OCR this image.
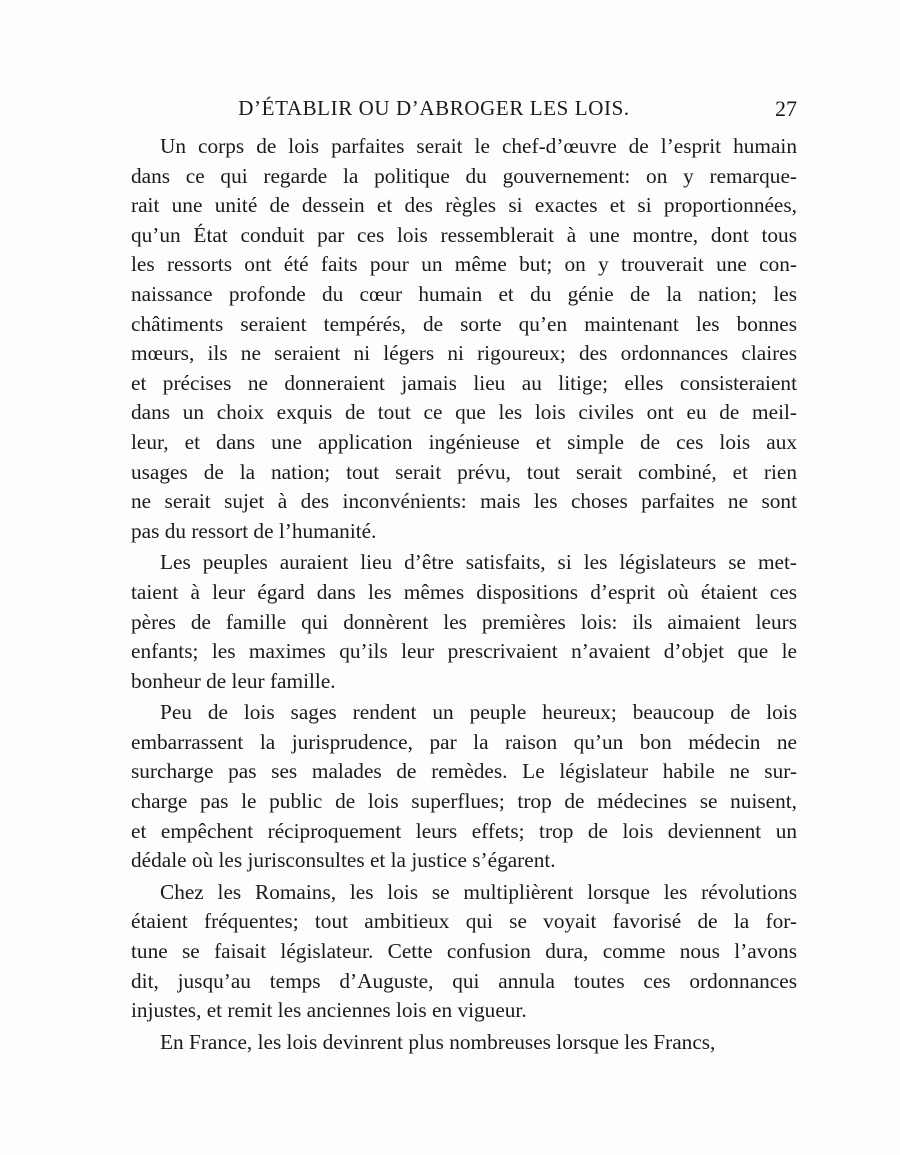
D’ÉTABLIR OU D’ABROGER LES LOIS.	27

Un corps de lois parfaites serait le chef-d’œuvre de l’esprit humain
dans ce qui regarde la politique du gouvernement: on y remarque-
rait une unité de dessein et des règles si exactes et si proportionnées,
qu’un État conduit par ces lois ressemblerait à une montre, dont tous
les ressorts ont été faits pour un même but; on y trouverait une con-
naissance profonde du cœur humain et du génie de la nation; les
châtiments seraient tempérés, de sorte qu’en maintenant les bonnes
mœurs, ils ne seraient ni légers ni rigoureux; des ordonnances claires
et précises ne donneraient jamais lieu au litige; elles consisteraient
dans un choix exquis de tout ce que les lois civiles ont eu de meil-
leur, et dans une application ingénieuse et simple de ces lois aux
usages de la nation; tout serait prévu, tout serait combiné, et rien
ne serait sujet à des inconvénients: mais les choses parfaites ne sont
pas du ressort de l’humanité.

Les peuples auraient lieu d’être satisfaits, si les législateurs se met-
taient à leur égard dans les mêmes dispositions d’esprit où étaient ces
pères de famille qui donnèrent les premières lois: ils aimaient leurs
enfants; les maximes qu’ils leur prescrivaient n’avaient d’objet que le
bonheur de leur famille.

Peu de lois sages rendent un peuple heureux; beaucoup de lois
embarrassent la jurisprudence, par la raison qu’un bon médecin ne
surcharge pas ses malades de remèdes. Le législateur habile ne sur-
charge pas le public de lois superflues; trop de médecines se nuisent,
et empêchent réciproquement leurs effets; trop de lois deviennent un
dédale où les jurisconsultes et la justice s’égarent.

Chez les Romains, les lois se multiplièrent lorsque les révolutions
étaient fréquentes; tout ambitieux qui se voyait favorisé de la for-
tune se faisait législateur. Cette confusion dura, comme nous l’avons
dit, jusqu’au temps d’Auguste, qui annula toutes ces ordonnances
injustes, et remit les anciennes lois en vigueur.

En France, les lois devinrent plus nombreuses lorsque les Francs,
